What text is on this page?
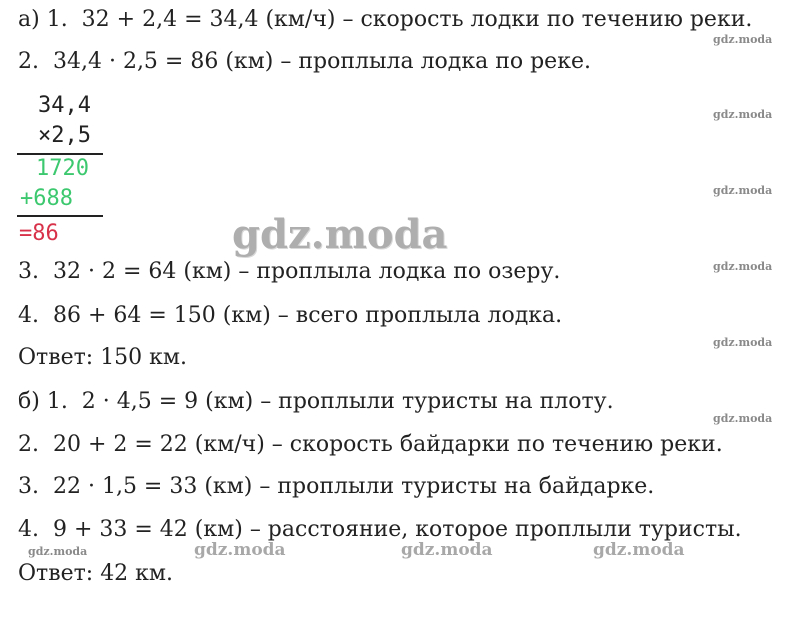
а) 1.  32 + 2,4 = 34,4 (км/ч) – скорость лодки по течению реки.
2.  34,4 · 2,5 = 86 (км) – проплыла лодка по реке.
34,4
×2,5
1720
+688
=86
3.  32 · 2 = 64 (км) – проплыла лодка по озеру.
4.  86 + 64 = 150 (км) – всего проплыла лодка.
Ответ: 150 км.
б) 1.  2 · 4,5 = 9 (км) – проплыли туристы на плоту.
2.  20 + 2 = 22 (км/ч) – скорость байдарки по течению реки.
3.  22 · 1,5 = 33 (км) – проплыли туристы на байдарке.
4.  9 + 33 = 42 (км) – расстояние, которое проплыли туристы.
Ответ: 42 км.
gdz.moda
gdz.moda
gdz.moda
gdz.moda
gdz.moda
gdz.moda
gdz.moda
gdz.moda	gdz.moda	gdz.moda	gdz.moda
